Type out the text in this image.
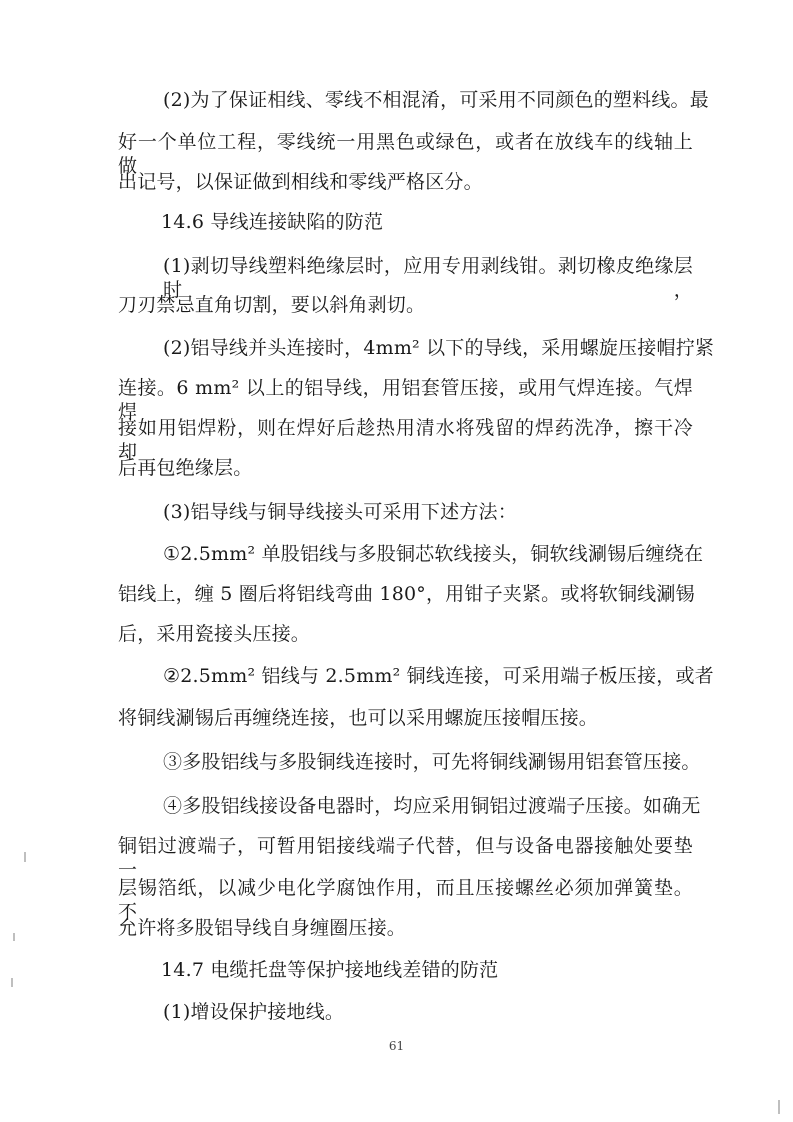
(2)为了保证相线、零线不相混淆，可采用不同颜色的塑料线。最
好一个单位工程，零线统一用黑色或绿色，或者在放线车的线轴上做
出记号，以保证做到相线和零线严格区分。
14.6 导线连接缺陷的防范
(1)剥切导线塑料绝缘层时，应用专用剥线钳。剥切橡皮绝缘层时，
刀刃禁忌直角切割，要以斜角剥切。
(2)铝导线并头连接时，4mm² 以下的导线，采用螺旋压接帽拧紧
连接。6 mm² 以上的铝导线，用铝套管压接，或用气焊连接。气焊焊
接如用铝焊粉，则在焊好后趁热用清水将残留的焊药洗净，擦干冷却
后再包绝缘层。
(3)铝导线与铜导线接头可采用下述方法：
①2.5mm² 单股铝线与多股铜芯软线接头，铜软线涮锡后缠绕在
铝线上，缠 5 圈后将铝线弯曲 180°，用钳子夹紧。或将软铜线涮锡
后，采用瓷接头压接。
②2.5mm² 铝线与 2.5mm² 铜线连接，可采用端子板压接，或者
将铜线涮锡后再缠绕连接，也可以采用螺旋压接帽压接。
③多股铝线与多股铜线连接时，可先将铜线涮锡用铝套管压接。
④多股铝线接设备电器时，均应采用铜铝过渡端子压接。如确无
铜铝过渡端子，可暂用铝接线端子代替，但与设备电器接触处要垫一
层锡箔纸，以减少电化学腐蚀作用，而且压接螺丝必须加弹簧垫。不
允许将多股铝导线自身缠圈压接。
14.7 电缆托盘等保护接地线差错的防范
(1)增设保护接地线。
61
